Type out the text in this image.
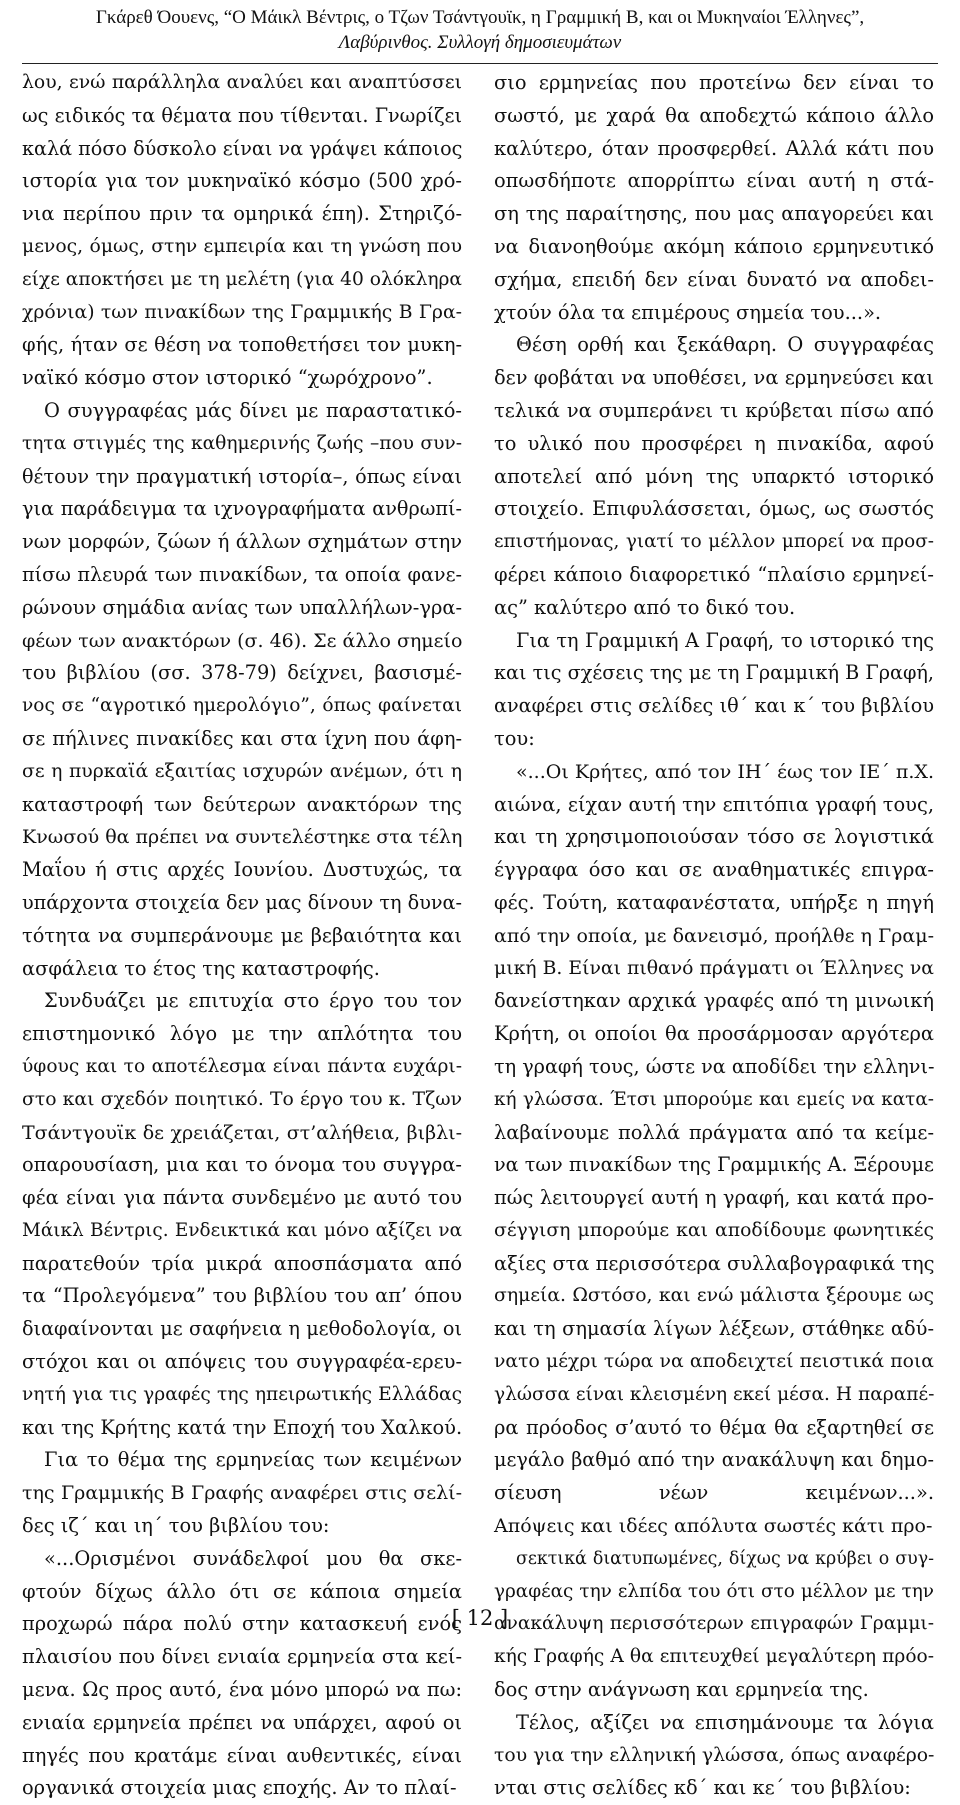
Γκάρεθ Όουενς, “Ο Μάικλ Βέντρις, ο Τζων Τσάντγουϊκ, η Γραμμική Β, και οι Μυκηναίοι Έλληνες”,
Λαβύρινθος. Συλλογή δημοσιευμάτων
λου, ενώ παράλληλα αναλύει και αναπτύσσει
ως ειδικός τα θέματα που τίθενται. Γνωρίζει
καλά πόσο δύσκολο είναι να γράψει κάποιος
ιστορία για τον μυκηναϊκό κόσμο (500 χρό-
νια περίπου πριν τα ομηρικά έπη). Στηριζό-
μενος, όμως, στην εμπειρία και τη γνώση που
είχε αποκτήσει με τη μελέτη (για 40 ολόκληρα
χρόνια) των πινακίδων της Γραμμικής Β Γρα-
φής, ήταν σε θέση να τοποθετήσει τον μυκη-
ναϊκό κόσμο στον ιστορικό “χωρόχρονο”.
Ο συγγραφέας μάς δίνει με παραστατικό-
τητα στιγμές της καθημερινής ζωής –που συν-
θέτουν την πραγματική ιστορία–, όπως είναι
για παράδειγμα τα ιχνογραφήματα ανθρωπί-
νων μορφών, ζώων ή άλλων σχημάτων στην
πίσω πλευρά των πινακίδων, τα οποία φανε-
ρώνουν σημάδια ανίας των υπαλλήλων-γρα-
φέων των ανακτόρων (σ. 46). Σε άλλο σημείο
του βιβλίου (σσ. 378-79) δείχνει, βασισμέ-
νος σε “αγροτικό ημερολόγιο”, όπως φαίνεται
σε πήλινες πινακίδες και στα ίχνη που άφη-
σε η πυρκαϊά εξαιτίας ισχυρών ανέμων, ότι η
καταστροφή των δεύτερων ανακτόρων της
Κνωσού θα πρέπει να συντελέστηκε στα τέλη
Μαΐου ή στις αρχές Ιουνίου. Δυστυχώς, τα
υπάρχοντα στοιχεία δεν μας δίνουν τη δυνα-
τότητα να συμπεράνουμε με βεβαιότητα και
ασφάλεια το έτος της καταστροφής.
Συνδυάζει με επιτυχία στο έργο του τον
επιστημονικό λόγο με την απλότητα του
ύφους και το αποτέλεσμα είναι πάντα ευχάρι-
στο και σχεδόν ποιητικό. Το έργο του κ. Τζων
Τσάντγουϊκ δε χρειάζεται, στ’αλήθεια, βιβλι-
οπαρουσίαση, μια και το όνομα του συγγρα-
φέα είναι για πάντα συνδεμένο με αυτό του
Μάικλ Βέντρις. Ενδεικτικά και μόνο αξίζει να
παρατεθούν τρία μικρά αποσπάσματα από
τα “Προλεγόμενα” του βιβλίου του απ’ όπου
διαφαίνονται με σαφήνεια η μεθοδολογία, οι
στόχοι και οι απόψεις του συγγραφέα-ερευ-
νητή για τις γραφές της ηπειρωτικής Ελλάδας
και της Κρήτης κατά την Εποχή του Χαλκού.
Για το θέμα της ερμηνείας των κειμένων
της Γραμμικής Β Γραφής αναφέρει στις σελί-
δες ιζ΄ και ιη΄ του βιβλίου του:
«...Ορισμένοι συνάδελφοί μου θα σκε-
φτούν δίχως άλλο ότι σε κάποια σημεία
προχωρώ πάρα πολύ στην κατασκευή ενός
πλαισίου που δίνει ενιαία ερμηνεία στα κεί-
μενα. Ως προς αυτό, ένα μόνο μπορώ να πω:
ενιαία ερμηνεία πρέπει να υπάρχει, αφού οι
πηγές που κρατάμε είναι αυθεντικές, είναι
οργανικά στοιχεία μιας εποχής. Αν το πλαί-
σιο ερμηνείας που προτείνω δεν είναι το
σωστό, με χαρά θα αποδεχτώ κάποιο άλλο
καλύτερο, όταν προσφερθεί. Αλλά κάτι που
οπωσδήποτε απορρίπτω είναι αυτή η στά-
ση της παραίτησης, που μας απαγορεύει και
να διανοηθούμε ακόμη κάποιο ερμηνευτικό
σχήμα, επειδή δεν είναι δυνατό να αποδει-
χτούν όλα τα επιμέρους σημεία του...».
Θέση ορθή και ξεκάθαρη. Ο συγγραφέας
δεν φοβάται να υποθέσει, να ερμηνεύσει και
τελικά να συμπεράνει τι κρύβεται πίσω από
το υλικό που προσφέρει η πινακίδα, αφού
αποτελεί από μόνη της υπαρκτό ιστορικό
στοιχείο. Επιφυλάσσεται, όμως, ως σωστός
επιστήμονας, γιατί το μέλλον μπορεί να προσ-
φέρει κάποιο διαφορετικό “πλαίσιο ερμηνεί-
ας” καλύτερο από το δικό του.
Για τη Γραμμική Α Γραφή, το ιστορικό της
και τις σχέσεις της με τη Γραμμική Β Γραφή,
αναφέρει στις σελίδες ιθ΄ και κ΄ του βιβλίου
του:
«...Οι Κρήτες, από τον ΙΗ΄ έως τον ΙΕ΄ π.Χ.
αιώνα, είχαν αυτή την επιτόπια γραφή τους,
και τη χρησιμοποιούσαν τόσο σε λογιστικά
έγγραφα όσο και σε αναθηματικές επιγρα-
φές. Τούτη, καταφανέστατα, υπήρξε η πηγή
από την οποία, με δανεισμό, προήλθε η Γραμ-
μική Β. Είναι πιθανό πράγματι οι Έλληνες να
δανείστηκαν αρχικά γραφές από τη μινωική
Κρήτη, οι οποίοι θα προσάρμοσαν αργότερα
τη γραφή τους, ώστε να αποδίδει την ελληνι-
κή γλώσσα. Έτσι μπορούμε και εμείς να κατα-
λαβαίνουμε πολλά πράγματα από τα κείμε-
να των πινακίδων της Γραμμικής Α. Ξέρουμε
πώς λειτουργεί αυτή η γραφή, και κατά προ-
σέγγιση μπορούμε και αποδίδουμε φωνητικές
αξίες στα περισσότερα συλλαβογραφικά της
σημεία. Ωστόσο, και ενώ μάλιστα ξέρουμε ως
και τη σημασία λίγων λέξεων, στάθηκε αδύ-
νατο μέχρι τώρα να αποδειχτεί πειστικά ποια
γλώσσα είναι κλεισμένη εκεί μέσα. Η παραπέ-
ρα πρόοδος σ’αυτό το θέμα θα εξαρτηθεί σε
μεγάλο βαθμό από την ανακάλυψη και δημο-
σίευση νέων κειμένων...».
Απόψεις και ιδέες απόλυτα σωστές κάτι προ-
σεκτικά διατυπωμένες, δίχως να κρύβει ο συγ-
γραφέας την ελπίδα του ότι στο μέλλον με την
ανακάλυψη περισσότερων επιγραφών Γραμμι-
κής Γραφής Α θα επιτευχθεί μεγαλύτερη πρόο-
δος στην ανάγνωση και ερμηνεία της.
Τέλος, αξίζει να επισημάνουμε τα λόγια
του για την ελληνική γλώσσα, όπως αναφέρο-
νται στις σελίδες κδ΄ και κε΄ του βιβλίου:
[ 12 ]
